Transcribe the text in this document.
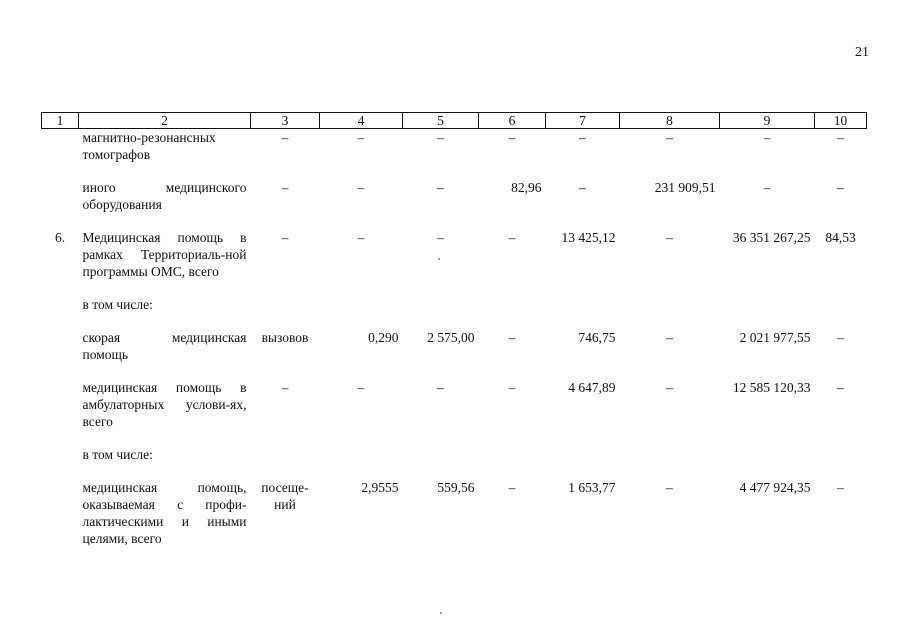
21
1	2	3	4	5	6	7	8	9	10
	магнитно-резонансных томографов	–	–	–	–	–	–	–	–

	иного медицинского оборудования	–	–	–	82,96	–	231 909,51	–	–

6.	Медицинская помощь в рамках Территориаль-ной программы ОМС, всего	–	–	–	–	13 425,12	–	36 351 267,25	84,53

	в том числе:								

	скорая медицинская помощь	вызовов	0,290	2 575,00	–	746,75	–	2 021 977,55	–

	медицинская помощь в амбулаторных услови-ях, всего	–	–	–	–	4 647,89	–	12 585 120,33	–

	в том числе:								

	медицинская помощь, оказываемая с профи-лактическими и иными целями, всего	посеще-ний	2,9555	559,56	–	1 653,77	–	4 477 924,35	–
